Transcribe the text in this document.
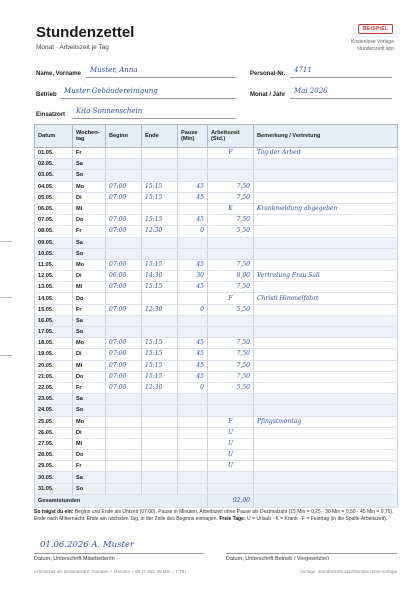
Stundenzettel
Monat · Arbeitszeit je Tag
BEISPIEL
Kostenlose Vorlage
stundenzettl.app
Name, Vorname	Muster, Anna	Personal-Nr.	4711
Betrieb	Muster Gebäudereinigung	Monat / Jahr	Mai 2026
Einsatzort	Kita Sonnenschein
Datum	Wochen-tag	Beginn	Ende	Pause (Min)	Arbeitszeit (Std.)	Bemerkung / Vertretung
01.05.	Fr				F	Tag der Arbeit
02.05.	Sa					
03.05.	So					
04.05.	Mo	07:00	15:15	45	7,50	
05.05.	Di	07:00	15:15	45	7,50	
06.05.	Mi				K	Krankmeldung abgegeben
07.05.	Do	07:00	15:15	45	7,50	
08.05.	Fr	07:00	12:30	0	5,50	
09.05.	Sa					
10.05.	So					
11.05.	Mo	07:00	15:15	45	7,50	
12.05.	Di	06:00	14:30	30	8,00	Vertretung Frau Sali
13.05.	Mi	07:00	15:15	45	7,50	
14.05.	Do				F	Christi Himmelfahrt
15.05.	Fr	07:00	12:30	0	5,50	
16.05.	Sa					
17.05.	So					
18.05.	Mo	07:00	15:15	45	7,50	
19.05.	Di	07:00	15:15	45	7,50	
20.05.	Mi	07:00	15:15	45	7,50	
21.05.	Do	07:00	15:15	45	7,50	
22.05.	Fr	07:00	12:30	0	5,50	
23.05.	Sa					
24.05.	So					
25.05.	Mo				F	Pfingstmontag
26.05.	Di				U	
27.05.	Mi				U	
28.05.	Do				U	
29.05.	Fr				U	
30.05.	Sa					
31.05.	So					
Gesamtstunden					92,00	
So trägst du ein: Beginn und Ende als Uhrzeit (07:00), Pause in Minuten, Arbeitszeit ohne Pause als Dezimalzahl (15 Min = 0,25 · 30 Min = 0,50 · 45 Min = 0,75). Ende nach Mitternacht: Ende am nächsten Tag, in der Zeile des Beginns eintragen. Freie Tage: U = Urlaub · K = Krank · F = Feiertag (in die Spalte Arbeitszeit).
01.06.2026 A. Muster
Datum, Unterschrift Mitarbeiter/in	Datum, Unterschrift Betrieb / Vorgesetzte/r
Arbeitszeit als Dezimalzahl: Stunden + Minuten ÷ 60 (7 Std. 45 Min = 7,75)	Vorlage: stundenzettl.app/stundenzettel-vorlage
